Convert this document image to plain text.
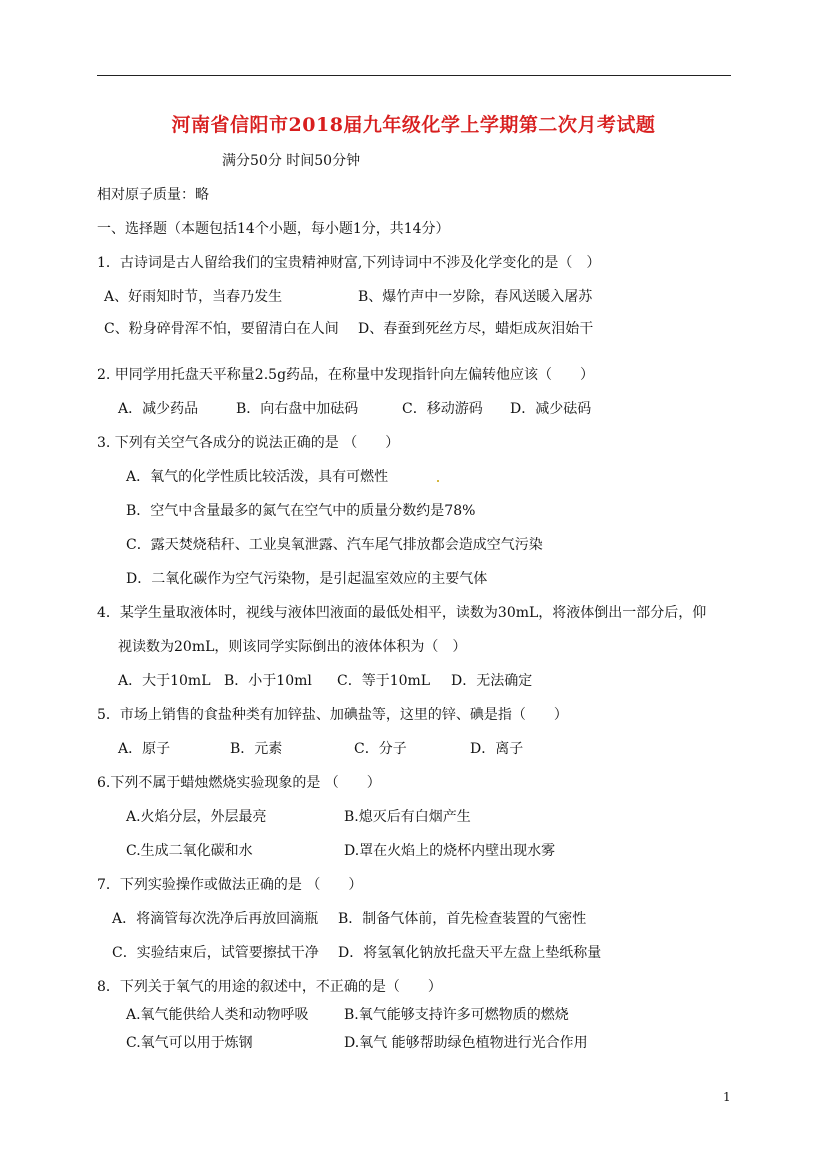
河南省信阳市2018届九年级化学上学期第二次月考试题
满分50分 时间50分钟
相对原子质量：略
一、选择题（本题包括14个小题，每小题1分，共14分）
1．古诗词是古人留给我们的宝贵精神财富,下列诗词中不涉及化学变化的是（　）
A、好雨知时节，当春乃发生	B、爆竹声中一岁除，春风送暖入屠苏
C、粉身碎骨浑不怕，要留清白在人间 D、春蚕到死丝方尽，蜡炬成灰泪始干
2. 甲同学用托盘天平称量2.5g药品，在称量中发现指针向左偏转他应该（　　）
A．减少药品	B．向右盘中加砝码	C．移动游码 D．减少砝码
3. 下列有关空气各成分的说法正确的是 （　　）
A．氧气的化学性质比较活泼，具有可燃性
B．空气中含量最多的氮气在空气中的质量分数约是78%
C．露天焚烧秸秆、工业臭氧泄露、汽车尾气排放都会造成空气污染
D．二氧化碳作为空气污染物，是引起温室效应的主要气体
4．某学生量取液体时，视线与液体凹液面的最低处相平，读数为30mL，将液体倒出一部分后，仰
视读数为20mL，则该同学实际倒出的液体体积为（　）
A．大于10mL B．小于10ml C．等于10mL D．无法确定
5．市场上销售的食盐种类有加锌盐、加碘盐等，这里的锌、碘是指（　　）
A．原子	B．元素	C．分子	D．离子
6.下列不属于蜡烛燃烧实验现象的是 （　　）
A.火焰分层，外层最亮	B.熄灭后有白烟产生
C.生成二氧化碳和水	D.罩在火焰上的烧杯内壁出现水雾
7．下列实验操作或做法正确的是 （　　）
A．将滴管每次洗净后再放回滴瓶 B．制备气体前，首先检查装置的气密性
C．实验结束后，试管要擦拭干净 D．将氢氧化钠放托盘天平左盘上垫纸称量
8．下列关于氧气的用途的叙述中，不正确的是（　　）
A.氧气能供给人类和动物呼吸	B.氧气能够支持许多可燃物质的燃烧
C.氧气可以用于炼钢	D.氧气 能够帮助绿色植物进行光合作用
1
